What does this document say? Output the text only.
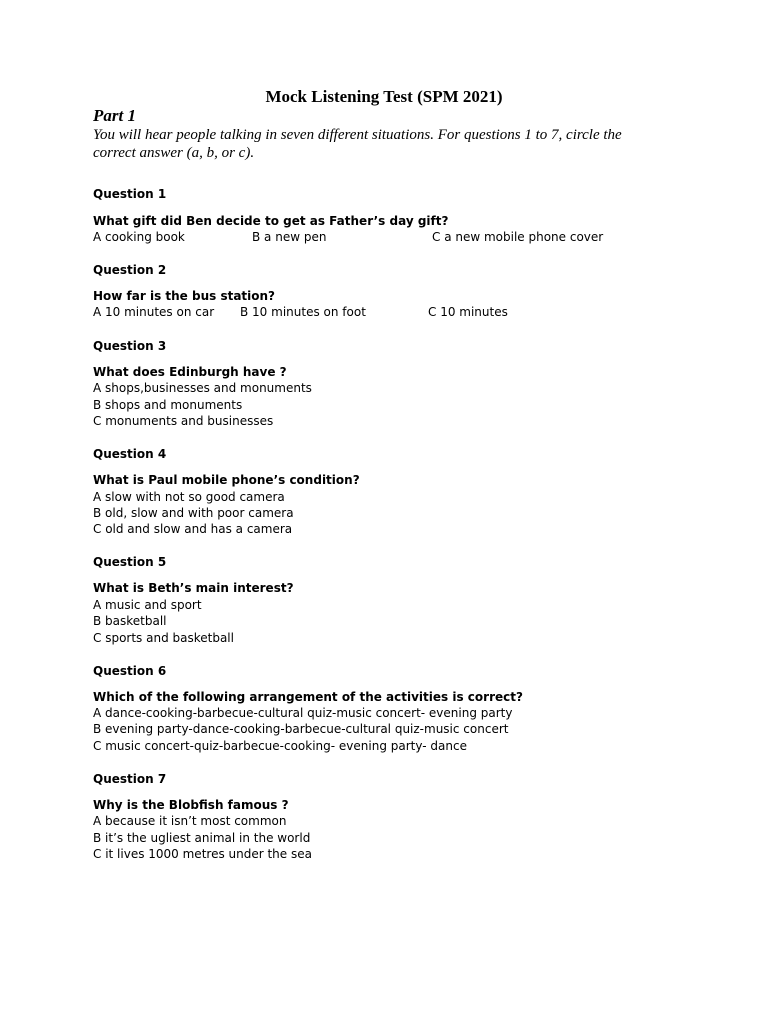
Mock Listening Test (SPM 2021)
Part 1
You will hear people talking in seven different situations. For questions 1 to 7, circle the correct answer (a, b, or c).
Question 1
What gift did Ben decide to get as Father’s day gift?
A cooking book	B a new pen	C a new mobile phone cover
Question 2
How far is the bus station?
A 10 minutes on car B 10 minutes on foot	C 10 minutes
Question 3
What does Edinburgh have ?
A shops,businesses and monuments
B shops and monuments
C monuments and businesses
Question 4
What is Paul mobile phone’s condition?
A slow with not so good camera
B old, slow and with poor camera
C old and slow and has a camera
Question 5
What is Beth’s main interest?
A music and sport
B basketball
C sports and basketball
Question 6
Which of the following arrangement of the activities is correct?
A dance-cooking-barbecue-cultural quiz-music concert- evening party
B evening party-dance-cooking-barbecue-cultural quiz-music concert
C music concert-quiz-barbecue-cooking- evening party- dance
Question 7
Why is the Blobfish famous ?
A because it isn’t most common
B it’s the ugliest animal in the world
C it lives 1000 metres under the sea
